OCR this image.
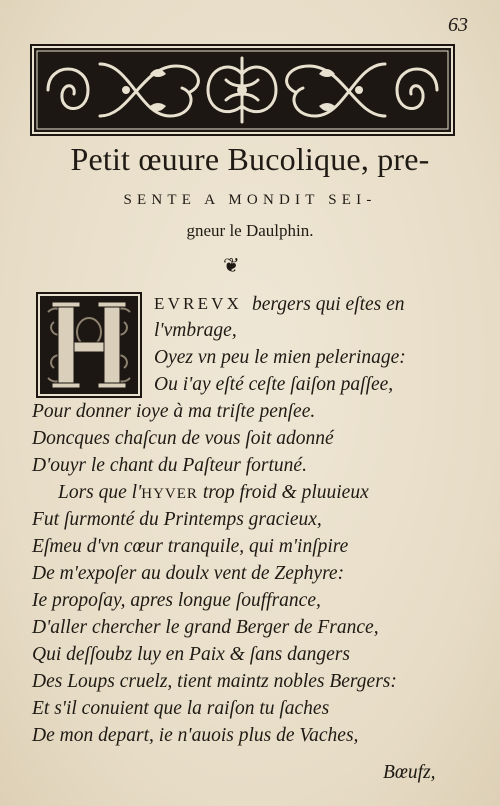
63
Petit œuure Bucolique, pre-
SENTE A MONDIT SEI-
gneur le Daulphin.
❦
H	EVREVX bergers qui eſtes en
l'vmbrage,
Oyez vn peu le mien pelerinage:
Ou i'ay eſté ceſte ſaiſon paſſee,
Pour donner ioye à ma triſte penſee.
Doncques chaſcun de vous ſoit adonné
D'ouyr le chant du Paſteur fortuné.
Lors que l'HYVER trop froid & pluuieux
Fut ſurmonté du Printemps gracieux,
Eſmeu d'vn cœur tranquile, qui m'inſpire
De m'expoſer au doulx vent de Zephyre:
Ie propoſay, apres longue ſouffrance,
D'aller chercher le grand Berger de France,
Qui deſſoubz luy en Paix & ſans dangers
Des Loups cruelz, tient maintz nobles Bergers:
Et s'il conuient que la raiſon tu ſaches
De mon depart, ie n'auois plus de Vaches,
Bœufz,
